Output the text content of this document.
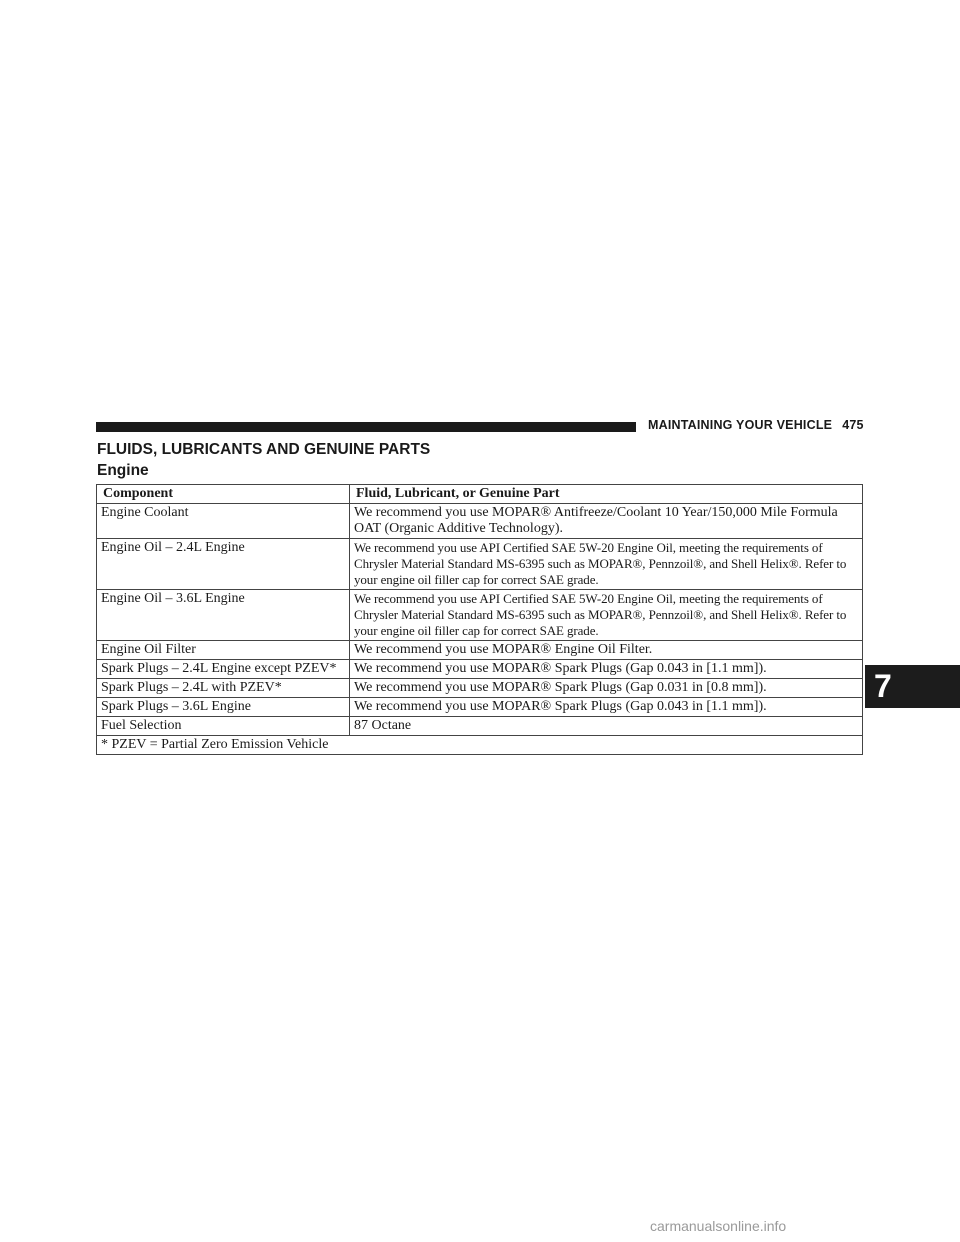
MAINTAINING YOUR VEHICLE 475
FLUIDS, LUBRICANTS AND GENUINE PARTS
Engine
Component	Fluid, Lubricant, or Genuine Part
Engine Coolant	We recommend you use MOPAR® Antifreeze/Coolant 10 Year/150,000 Mile Formula OAT (Organic Additive Technology).
Engine Oil – 2.4L Engine	We recommend you use API Certified SAE 5W-20 Engine Oil, meeting the requirements of Chrysler Material Standard MS-6395 such as MOPAR®, Pennzoil®, and Shell Helix®. Refer to your engine oil filler cap for correct SAE grade.
Engine Oil – 3.6L Engine	We recommend you use API Certified SAE 5W-20 Engine Oil, meeting the requirements of Chrysler Material Standard MS-6395 such as MOPAR®, Pennzoil®, and Shell Helix®. Refer to your engine oil filler cap for correct SAE grade.
Engine Oil Filter	We recommend you use MOPAR® Engine Oil Filter.
Spark Plugs – 2.4L Engine except PZEV*	We recommend you use MOPAR® Spark Plugs (Gap 0.043 in [1.1 mm]).
Spark Plugs – 2.4L with PZEV*	We recommend you use MOPAR® Spark Plugs (Gap 0.031 in [0.8 mm]).
Spark Plugs – 3.6L Engine	We recommend you use MOPAR® Spark Plugs (Gap 0.043 in [1.1 mm]).
Fuel Selection	87 Octane
* PZEV = Partial Zero Emission Vehicle	
7
carmanualsonline.info
